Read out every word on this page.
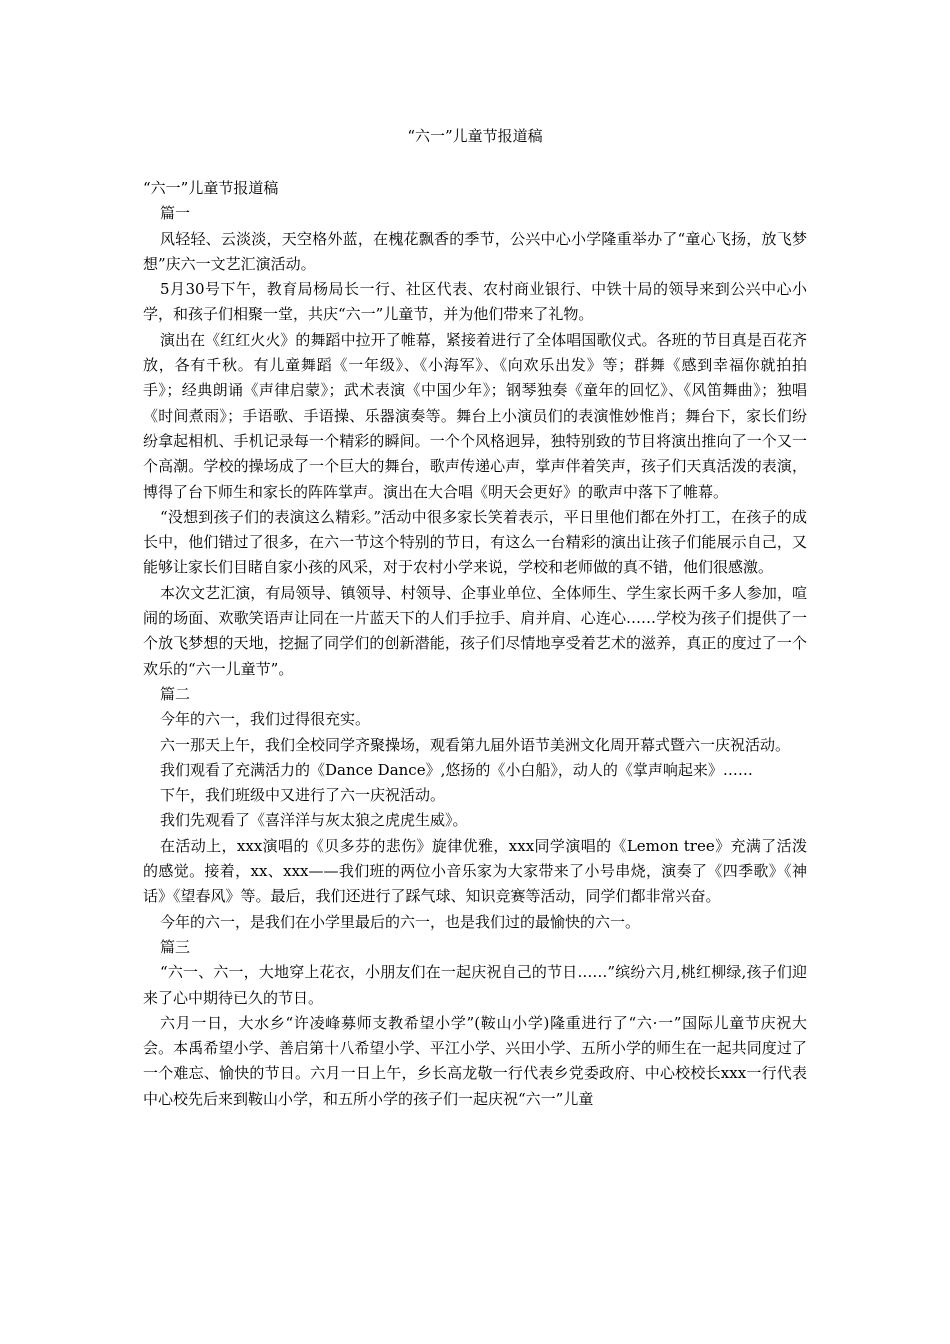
“六一”儿童节报道稿

“六一”儿童节报道稿

篇一

风轻轻、云淡淡，天空格外蓝，在槐花飘香的季节，公兴中心小学隆重举办了“童心飞扬，放飞梦想”庆六一文艺汇演活动。

5月30号下午，教育局杨局长一行、社区代表、农村商业银行、中铁十局的领导来到公兴中心小学，和孩子们相聚一堂，共庆“六一”儿童节，并为他们带来了礼物。

演出在《红红火火》的舞蹈中拉开了帷幕，紧接着进行了全体唱国歌仪式。各班的节目真是百花齐放，各有千秋。有儿童舞蹈《一年级》、《小海军》、《向欢乐出发》等；群舞《感到幸福你就拍拍手》；经典朗诵《声律启蒙》；武术表演《中国少年》；钢琴独奏《童年的回忆》、《风笛舞曲》；独唱《时间煮雨》；手语歌、手语操、乐器演奏等。舞台上小演员们的表演惟妙惟肖；舞台下，家长们纷纷拿起相机、手机记录每一个精彩的瞬间。一个个风格迥异，独特别致的节目将演出推向了一个又一个高潮。学校的操场成了一个巨大的舞台，歌声传递心声，掌声伴着笑声，孩子们天真活泼的表演，博得了台下师生和家长的阵阵掌声。演出在大合唱《明天会更好》的歌声中落下了帷幕。

“没想到孩子们的表演这么精彩。”活动中很多家长笑着表示，平日里他们都在外打工，在孩子的成长中，他们错过了很多，在六一节这个特别的节日，有这么一台精彩的演出让孩子们能展示自己，又能够让家长们目睹自家小孩的风采，对于农村小学来说，学校和老师做的真不错，他们很感激。

本次文艺汇演，有局领导、镇领导、村领导、企事业单位、全体师生、学生家长两千多人参加，喧闹的场面、欢歌笑语声让同在一片蓝天下的人们手拉手、肩并肩、心连心……学校为孩子们提供了一个放飞梦想的天地，挖掘了同学们的创新潜能，孩子们尽情地享受着艺术的滋养，真正的度过了一个欢乐的“六一儿童节”。

篇二

今年的六一，我们过得很充实。

六一那天上午，我们全校同学齐聚操场，观看第九届外语节美洲文化周开幕式暨六一庆祝活动。

我们观看了充满活力的《Dance Dance》,悠扬的《小白船》，动人的《掌声响起来》……

下午，我们班级中又进行了六一庆祝活动。

我们先观看了《喜洋洋与灰太狼之虎虎生威》。

在活动上，xxx演唱的《贝多芬的悲伤》旋律优雅，xxx同学演唱的《Lemon tree》充满了活泼的感觉。接着，xx、xxx——我们班的两位小音乐家为大家带来了小号串烧，演奏了《四季歌》《神话》《望春风》等。最后，我们还进行了踩气球、知识竞赛等活动，同学们都非常兴奋。

今年的六一，是我们在小学里最后的六一，也是我们过的最愉快的六一。

篇三

“六一、六一，大地穿上花衣，小朋友们在一起庆祝自己的节日……”缤纷六月,桃红柳绿,孩子们迎来了心中期待已久的节日。

六月一日，大水乡“许凌峰募师支教希望小学”(鞍山小学)隆重进行了“六·一”国际儿童节庆祝大会。本禹希望小学、善启第十八希望小学、平江小学、兴田小学、五所小学的师生在一起共同度过了一个难忘、愉快的节日。六月一日上午，乡长高龙敬一行代表乡党委政府、中心校校长xxx一行代表中心校先后来到鞍山小学，和五所小学的孩子们一起庆祝“六一”儿童
